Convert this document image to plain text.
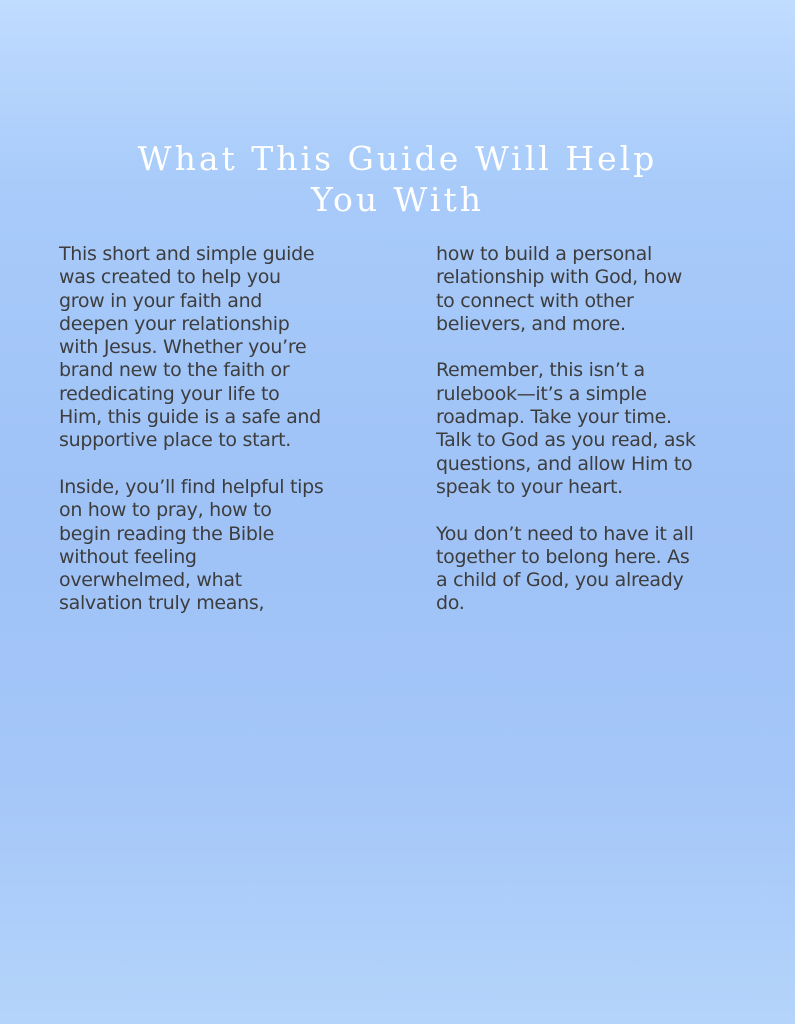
What This Guide Will Help
You With

This short and simple guide
was created to help you
grow in your faith and
deepen your relationship
with Jesus. Whether you’re
brand new to the faith or
rededicating your life to
Him, this guide is a safe and
supportive place to start.

Inside, you’ll find helpful tips
on how to pray, how to
begin reading the Bible
without feeling
overwhelmed, what
salvation truly means,

how to build a personal
relationship with God, how
to connect with other
believers, and more.

Remember, this isn’t a
rulebook—it’s a simple
roadmap. Take your time.
Talk to God as you read, ask
questions, and allow Him to
speak to your heart.

You don’t need to have it all
together to belong here. As
a child of God, you already
do.
